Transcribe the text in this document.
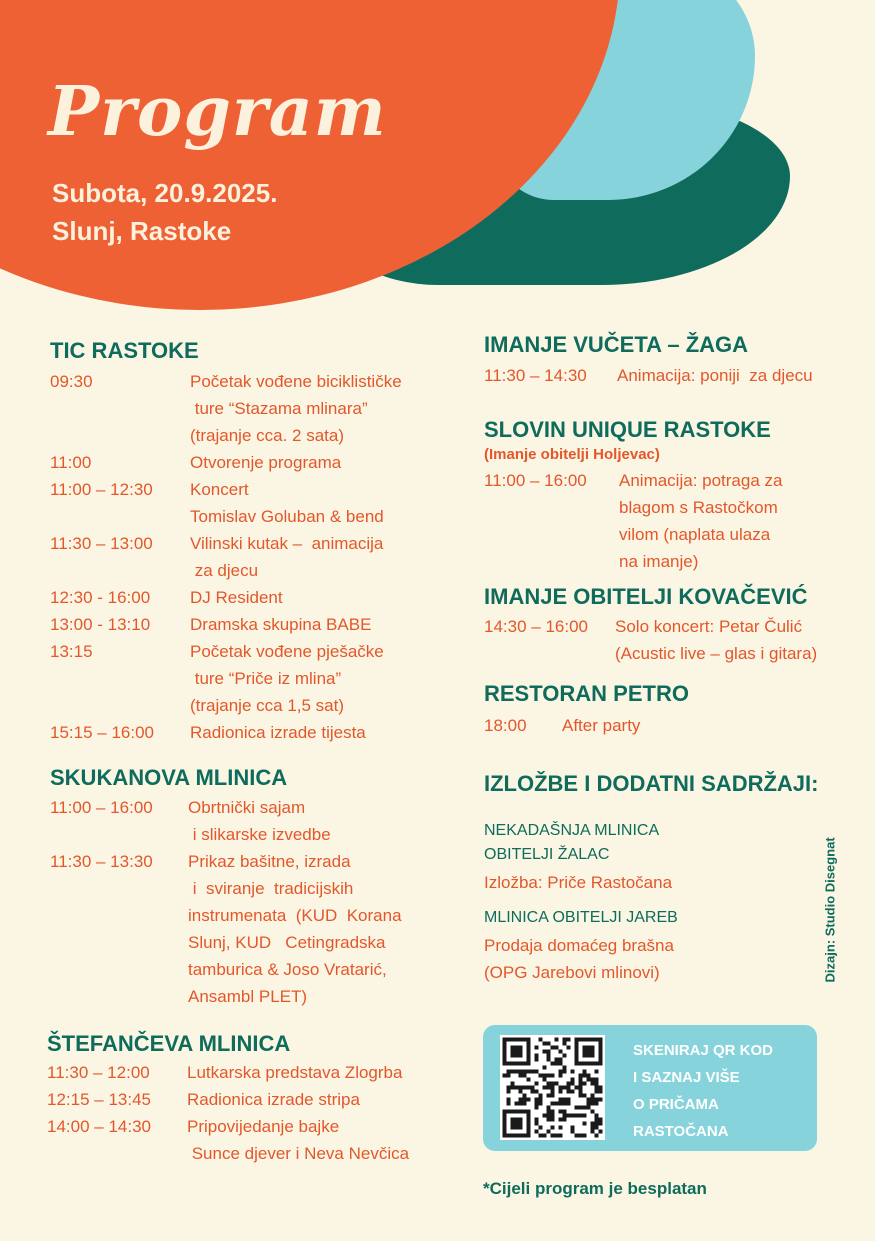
Program

Subota, 20.9.2025.

Slunj, Rastoke

TIC RASTOKE
09:30	Početak vođene biciklističke
ture “Stazama mlinara”
(trajanje cca. 2 sata)
11:00	Otvorenje programa
11:00 – 12:30 Koncert
Tomislav Goluban & bend
11:30 – 13:00 Vilinski kutak –  animacija
za djecu
12:30 - 16:00 DJ Resident
13:00 - 13:10 Dramska skupina BABE
13:15	Početak vođene pješačke
ture “Priče iz mlina”
(trajanje cca 1,5 sat)
15:15 – 16:00 Radionica izrade tijesta
SKUKANOVA MLINICA
11:00 – 16:00 Obrtnički sajam
i slikarske izvedbe
11:30 – 13:30 Prikaz bašitne, izrada
i  sviranje  tradicijskih
instrumenata  (KUD  Korana
Slunj, KUD   Cetingradska
tamburica & Joso Vratarić,
Ansambl PLET)
ŠTEFANČEVA MLINICA
11:30 – 12:00 Lutkarska predstava Zlogrba
12:15 – 13:45 Radionica izrade stripa
14:00 – 14:30 Pripovijedanje bajke
Sunce djever i Neva Nevčica
IMANJE VUČETA – ŽAGA
11:30 – 14:30 Animacija: poniji  za djecu
SLOVIN UNIQUE RASTOKE

(Imanje obitelji Holjevac)

11:00 – 16:00 Animacija: potraga za
blagom s Rastočkom
vilom (naplata ulaza
na imanje)
IMANJE OBITELJI KOVAČEVIĆ
14:30 – 16:00 Solo koncert: Petar Čulić
(Acustic live – glas i gitara)
RESTORAN PETRO
18:00 After party
IZLOŽBE I DODATNI SADRŽAJI:

NEKADAŠNJA MLINICA

OBITELJI ŽALAC

Izložba: Priče Rastočana

MLINICA OBITELJI JAREB

Prodaja domaćeg brašna

(OPG Jarebovi mlinovi)	Dizajn: Studio Disegnat
SKENIRAJ QR KOD
I SAZNAJ VIŠE
O PRIČAMA
RASTOČANA

*Cijeli program je besplatan
